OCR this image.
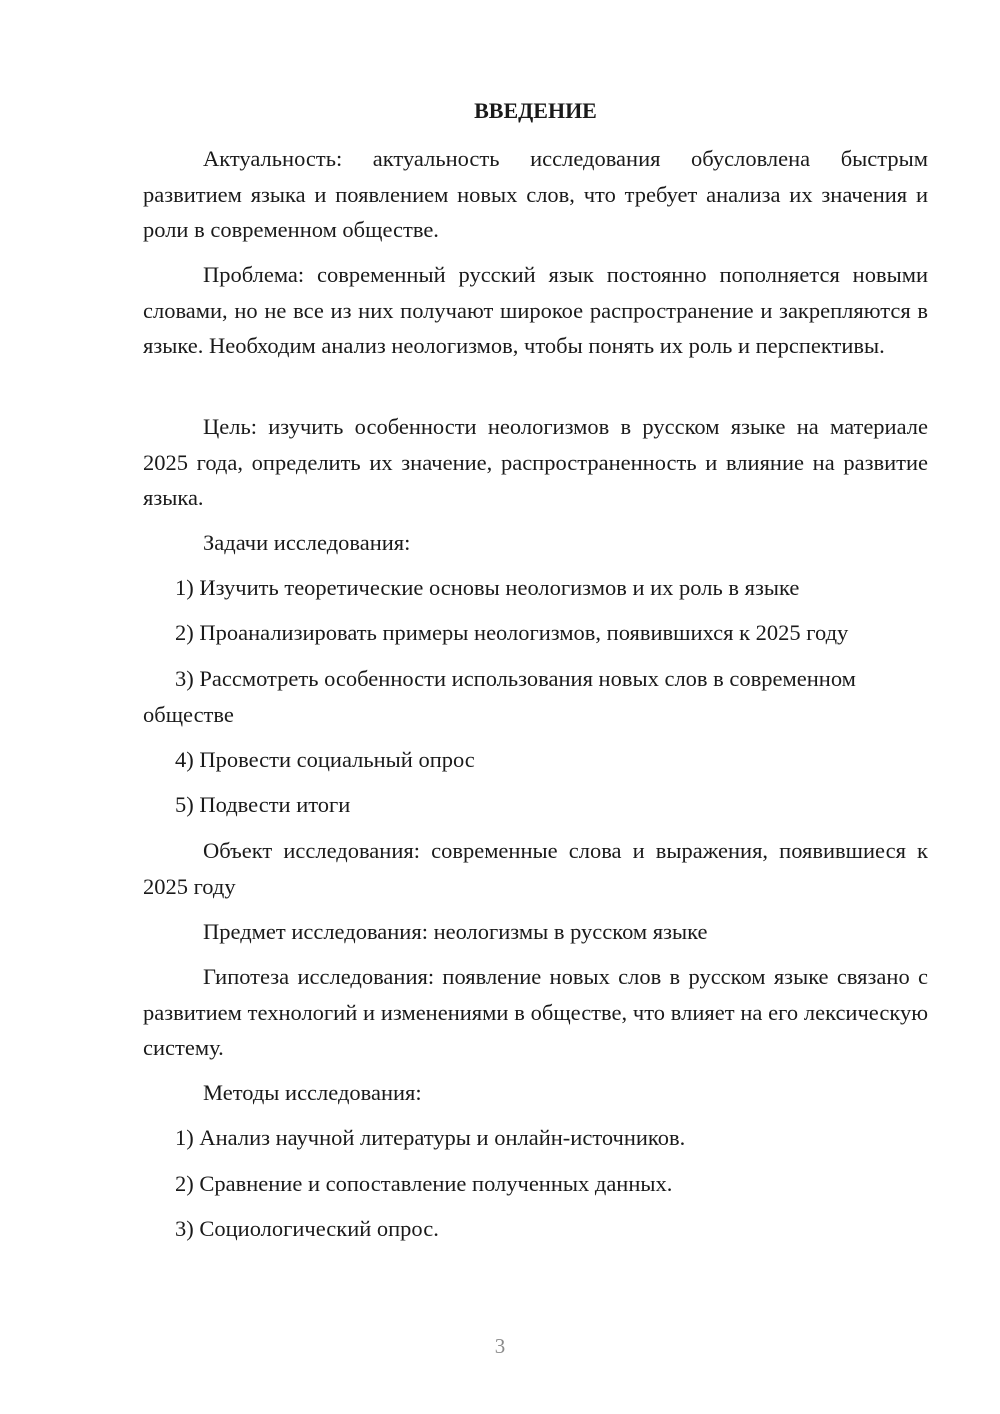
ВВЕДЕНИЕ

Актуальность: актуальность исследования обусловлена быстрым развитием языка и появлением новых слов, что требует анализа их значения и роли в современном обществе.

Проблема: современный русский язык постоянно пополняется новыми словами, но не все из них получают широкое распространение и закрепляются в языке. Необходим анализ неологизмов, чтобы понять их роль и перспективы.

Цель: изучить особенности неологизмов в русском языке на материале 2025 года, определить их значение, распространенность и влияние на развитие языка.

Задачи исследования:

1) Изучить теоретические основы неологизмов и их роль в языке

2) Проанализировать примеры неологизмов, появившихся к 2025 году

3) Рассмотреть особенности использования новых слов в современном обществе

4) Провести социальный опрос

5) Подвести итоги

Объект исследования: современные слова и выражения, появившиеся к 2025 году

Предмет исследования: неологизмы в русском языке

Гипотеза исследования: появление новых слов в русском языке связано с развитием технологий и изменениями в обществе, что влияет на его лексическую систему.

Методы исследования:

1) Анализ научной литературы и онлайн-источников.

2) Сравнение и сопоставление полученных данных.

3) Социологический опрос.

3
